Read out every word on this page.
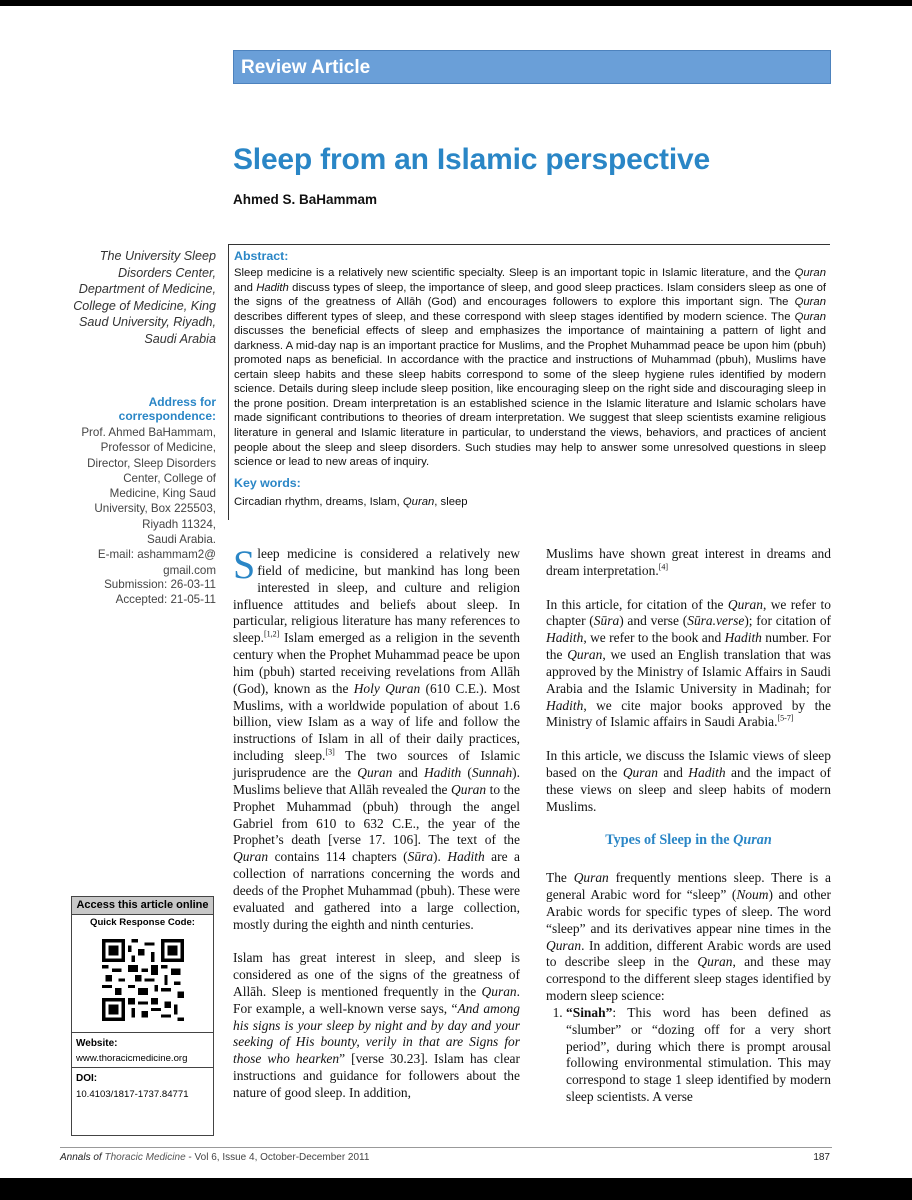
Review Article
Sleep from an Islamic perspective
Ahmed S. BaHammam
The University Sleep Disorders Center, Department of Medicine, College of Medicine, King Saud University, Riyadh, Saudi Arabia
Address for correspondence:
Prof. Ahmed BaHammam,
Professor of Medicine,
Director, Sleep Disorders
Center, College of
Medicine, King Saud
University, Box 225503,
Riyadh 11324,
Saudi Arabia.
E-mail: ashammam2@
gmail.com
Submission: 26-03-11
Accepted: 21-05-11
Abstract:
Sleep medicine is a relatively new scientific specialty. Sleep is an important topic in Islamic literature, and the Quran and Hadith discuss types of sleep, the importance of sleep, and good sleep practices. Islam considers sleep as one of the signs of the greatness of Allāh (God) and encourages followers to explore this important sign. The Quran describes different types of sleep, and these correspond with sleep stages identified by modern science. The Quran discusses the beneficial effects of sleep and emphasizes the importance of maintaining a pattern of light and darkness. A mid-day nap is an important practice for Muslims, and the Prophet Muhammad peace be upon him (pbuh) promoted naps as beneficial. In accordance with the practice and instructions of Muhammad (pbuh), Muslims have certain sleep habits and these sleep habits correspond to some of the sleep hygiene rules identified by modern science. Details during sleep include sleep position, like encouraging sleep on the right side and discouraging sleep in the prone position. Dream interpretation is an established science in the Islamic literature and Islamic scholars have made significant contributions to theories of dream interpretation. We suggest that sleep scientists examine religious literature in general and Islamic literature in particular, to understand the views, behaviors, and practices of ancient people about the sleep and sleep disorders. Such studies may help to answer some unresolved questions in sleep science or lead to new areas of inquiry.
Key words:
Circadian rhythm, dreams, Islam, Quran, sleep

Sleep medicine is considered a relatively new field of medicine, but mankind has long been interested in sleep, and culture and religion influence attitudes and beliefs about sleep. In particular, religious literature has many references to sleep.[1,2] Islam emerged as a religion in the seventh century when the Prophet Muhammad peace be upon him (pbuh) started receiving revelations from Allāh (God), known as the Holy Quran (610 C.E.). Most Muslims, with a worldwide population of about 1.6 billion, view Islam as a way of life and follow the instructions of Islam in all of their daily practices, including sleep.[3] The two sources of Islamic jurisprudence are the Quran and Hadith (Sunnah). Muslims believe that Allāh revealed the Quran to the Prophet Muhammad (pbuh) through the angel Gabriel from 610 to 632 C.E., the year of the Prophet’s death [verse 17. 106]. The text of the Quran contains 114 chapters (Sūra). Hadith are a collection of narrations concerning the words and deeds of the Prophet Muhammad (pbuh). These were evaluated and gathered into a large collection, mostly during the eighth and ninth centuries.

Islam has great interest in sleep, and sleep is considered as one of the signs of the greatness of Allāh. Sleep is mentioned frequently in the Quran. For example, a well-known verse says, “And among his signs is your sleep by night and by day and your seeking of His bounty, verily in that are Signs for those who hearken” [verse 30.23]. Islam has clear instructions and guidance for followers about the nature of good sleep. In addition,

Muslims have shown great interest in dreams and dream interpretation.[4]

In this article, for citation of the Quran, we refer to chapter (Sūra) and verse (Sūra.verse); for citation of Hadith, we refer to the book and Hadith number. For the Quran, we used an English translation that was approved by the Ministry of Islamic Affairs in Saudi Arabia and the Islamic University in Madinah; for Hadith, we cite major books approved by the Ministry of Islamic affairs in Saudi Arabia.[5-7]

In this article, we discuss the Islamic views of sleep based on the Quran and Hadith and the impact of these views on sleep and sleep habits of modern Muslims.

Types of Sleep in the Quran

The Quran frequently mentions sleep. There is a general Arabic word for “sleep” (Noum) and other Arabic words for specific types of sleep. The word “sleep” and its derivatives appear nine times in the Quran. In addition, different Arabic words are used to describe sleep in the Quran, and these may correspond to the different sleep stages identified by modern sleep science:

1. “Sinah”: This word has been defined as “slumber” or “dozing off for a very short period”, during which there is prompt arousal following environmental stimulation. This may correspond to stage 1 sleep identified by modern sleep scientists. A verse
Access this article online
Quick Response Code:
Website:
www.thoracicmedicine.org
DOI:
10.4103/1817-1737.84771
Annals of Thoracic Medicine - Vol 6, Issue 4, October-December 2011	187
